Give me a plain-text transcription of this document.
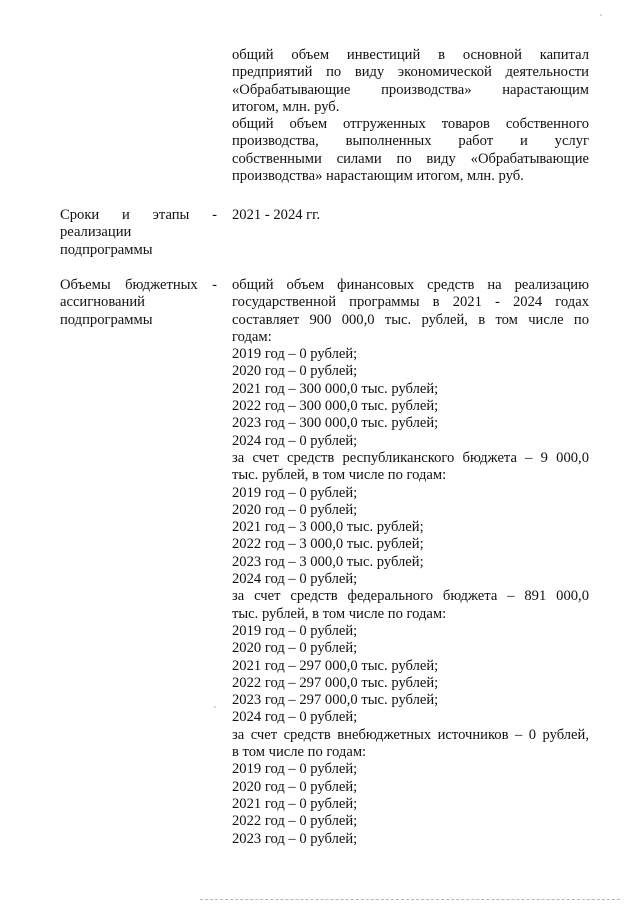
общий объем инвестиций в основной капитал
предприятий по виду экономической деятельности
«Обрабатывающие производства» нарастающим
итогом, млн. руб.
общий объем отгруженных товаров собственного
производства, выполненных работ и услуг
собственными силами по виду «Обрабатывающие
производства» нарастающим итогом, млн. руб.
Сроки и этапы -
реализации
подпрограммы
2021 - 2024 гг.
Объемы бюджетных -
ассигнований
подпрограммы
общий объем финансовых средств на реализацию
государственной программы в 2021 - 2024 годах
составляет 900 000,0 тыс. рублей, в том числе по
годам:
2019 год – 0 рублей;
2020 год – 0 рублей;
2021 год – 300 000,0 тыс. рублей;
2022 год – 300 000,0 тыс. рублей;
2023 год – 300 000,0 тыс. рублей;
2024 год – 0 рублей;
за счет средств республиканского бюджета – 9 000,0
тыс. рублей, в том числе по годам:
2019 год – 0 рублей;
2020 год – 0 рублей;
2021 год – 3 000,0 тыс. рублей;
2022 год – 3 000,0 тыс. рублей;
2023 год – 3 000,0 тыс. рублей;
2024 год – 0 рублей;
за счет средств федерального бюджета – 891 000,0
тыс. рублей, в том числе по годам:
2019 год – 0 рублей;
2020 год – 0 рублей;
2021 год – 297 000,0 тыс. рублей;
2022 год – 297 000,0 тыс. рублей;
2023 год – 297 000,0 тыс. рублей;
2024 год – 0 рублей;
за счет средств внебюджетных источников – 0 рублей,
в том числе по годам:
2019 год – 0 рублей;
2020 год – 0 рублей;
2021 год – 0 рублей;
2022 год – 0 рублей;
2023 год – 0 рублей;
